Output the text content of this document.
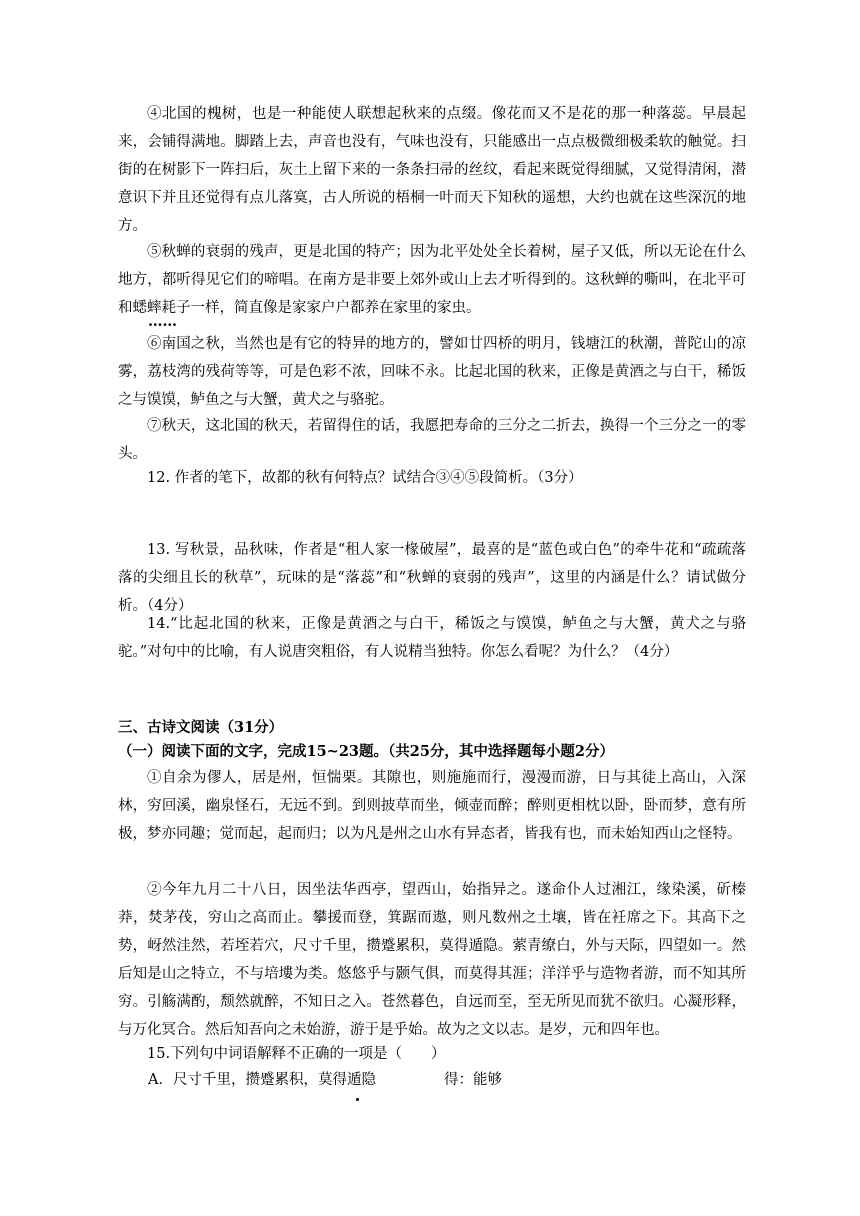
④北国的槐树，也是一种能使人联想起秋来的点缀。像花而又不是花的那一种落蕊。早晨起来，会铺得满地。脚踏上去，声音也没有，气味也没有，只能感出一点点极微细极柔软的触觉。扫街的在树影下一阵扫后，灰土上留下来的一条条扫帚的丝纹，看起来既觉得细腻，又觉得清闲，潜意识下并且还觉得有点儿落寞，古人所说的梧桐一叶而天下知秋的遥想，大约也就在这些深沉的地方。

⑤秋蝉的衰弱的残声，更是北国的特产；因为北平处处全长着树，屋子又低，所以无论在什么地方，都听得见它们的啼唱。在南方是非要上郊外或山上去才听得到的。这秋蝉的嘶叫，在北平可和蟋蟀耗子一样，简直像是家家户户都养在家里的家虫。

……

⑥南国之秋，当然也是有它的特异的地方的，譬如廿四桥的明月，钱塘江的秋潮，普陀山的凉雾，荔枝湾的残荷等等，可是色彩不浓，回味不永。比起北国的秋来，正像是黄酒之与白干，稀饭之与馍馍，鲈鱼之与大蟹，黄犬之与骆驼。

⑦秋天，这北国的秋天，若留得住的话，我愿把寿命的三分之二折去，换得一个三分之一的零头。

12. 作者的笔下，故都的秋有何特点？试结合③④⑤段简析。（3分）

13. 写秋景，品秋味，作者是“租人家一椽破屋”，最喜的是“蓝色或白色”的牵牛花和“疏疏落落的尖细且长的秋草”，玩味的是“落蕊”和“秋蝉的衰弱的残声”，这里的内涵是什么？请试做分析。（4分）

14.“比起北国的秋来，正像是黄酒之与白干，稀饭之与馍馍，鲈鱼之与大蟹，黄犬之与骆驼。”对句中的比喻，有人说唐突粗俗，有人说精当独特。你怎么看呢？为什么？（4分）

三、古诗文阅读（31分）

（一）阅读下面的文字，完成15~23题。（共25分，其中选择题每小题2分）

①自余为僇人，居是州，恒惴栗。其隙也，则施施而行，漫漫而游，日与其徒上高山，入深林，穷回溪，幽泉怪石，无远不到。到则披草而坐，倾壶而醉；醉则更相枕以卧，卧而梦，意有所极，梦亦同趣；觉而起，起而归；以为凡是州之山水有异态者，皆我有也，而未始知西山之怪特。

②今年九月二十八日，因坐法华西亭，望西山，始指异之。遂命仆人过湘江，缘染溪，斫榛莽，焚茅茷，穷山之高而止。攀援而登，箕踞而遨，则凡数州之土壤，皆在衽席之下。其高下之势，岈然洼然，若垤若穴，尺寸千里，攒蹙累积，莫得遁隐。萦青缭白，外与天际，四望如一。然后知是山之特立，不与培塿为类。悠悠乎与颢气俱，而莫得其涯；洋洋乎与造物者游，而不知其所穷。引觞满酌，颓然就醉，不知日之入。苍然暮色，自远而至，至无所见而犹不欲归。心凝形释，与万化冥合。然后知吾向之未始游，游于是乎始。故为之文以志。是岁，元和四年也。

15.下列句中词语解释不正确的一项是（　　）

A．尺寸千里，攒蹙累积，莫得遁隐	得：能够
